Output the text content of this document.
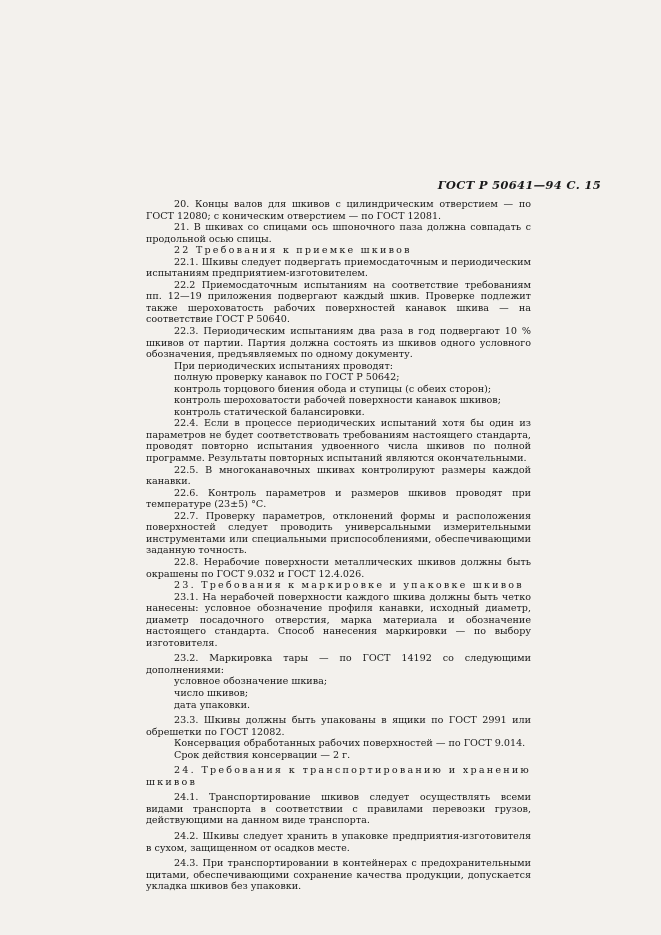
ГОСТ Р 50641—94 С. 15

20. Концы валов для шкивов с цилиндрическим отверстием — по ГОСТ 12080; с коническим отверстием — по ГОСТ 12081.

21. В шкивах со спицами ось шпоночного паза должна совпадать с продольной осью спицы.

22 Требования к приемке шкивов

22.1. Шкивы следует подвергать приемосдаточным и периодическим испытаниям предприятием-изготовителем.

22.2 Приемосдаточным испытаниям на соответствие требованиям пп. 12—19 приложения подвергают каждый шкив. Проверке подлежит также шероховатость рабочих поверхностей канавок шкива — на соответствие ГОСТ Р 50640.

22.3. Периодическим испытаниям два раза в год подвергают 10 % шкивов от партии. Партия должна состоять из шкивов одного условного обозначения, предъявляемых по одному документу.

При периодических испытаниях проводят:

полную проверку канавок по ГОСТ Р 50642;

контроль торцового биения обода и ступицы (с обеих сторон);

контроль шероховатости рабочей поверхности канавок шкивов;

контроль статической балансировки.

22.4. Если в процессе периодических испытаний хотя бы один из параметров не будет соответствовать требованиям настоящего стандарта, проводят повторно испытания удвоенного числа шкивов по полной программе. Результаты повторных испытаний являются окончательными.

22.5. В многоканавочных шкивах контролируют размеры каждой канавки.

22.6. Контроль параметров и размеров шкивов проводят при температуре (23±5) °С.

22.7. Проверку параметров, отклонений формы и расположения поверхностей следует проводить универсальными измерительными инструментами или специальными приспособлениями, обеспечивающими заданную точность.

22.8. Нерабочие поверхности металлических шкивов должны быть окрашены по ГОСТ 9.032 и ГОСТ 12.4.026.

23. Требования к маркировке и упаковке шкивов

23.1. На нерабочей поверхности каждого шкива должны быть четко нанесены: условное обозначение профиля канавки, исходный диаметр, диаметр посадочного отверстия, марка материала и обозначение настоящего стандарта. Способ нанесения маркировки — по выбору изготовителя.

23.2. Маркировка тары — по ГОСТ 14192 со следующими дополнениями:

условное обозначение шкива;

число шкивов;

дата упаковки.

23.3. Шкивы должны быть упакованы в ящики по ГОСТ 2991 или обрешетки по ГОСТ 12082.

Консервация обработанных рабочих поверхностей — по ГОСТ 9.014.

Срок действия консервации — 2 г.

24. Требования к транспортированию и хранению шкивов

24.1. Транспортирование шкивов следует осуществлять всеми видами транспорта в соответствии с правилами перевозки грузов, действующими на данном виде транспорта.

24.2. Шкивы следует хранить в упаковке предприятия-изготовителя в сухом, защищенном от осадков месте.

24.3. При транспортировании в контейнерах с предохранительными щитами, обеспечивающими сохранение качества продукции, допускается укладка шкивов без упаковки.
